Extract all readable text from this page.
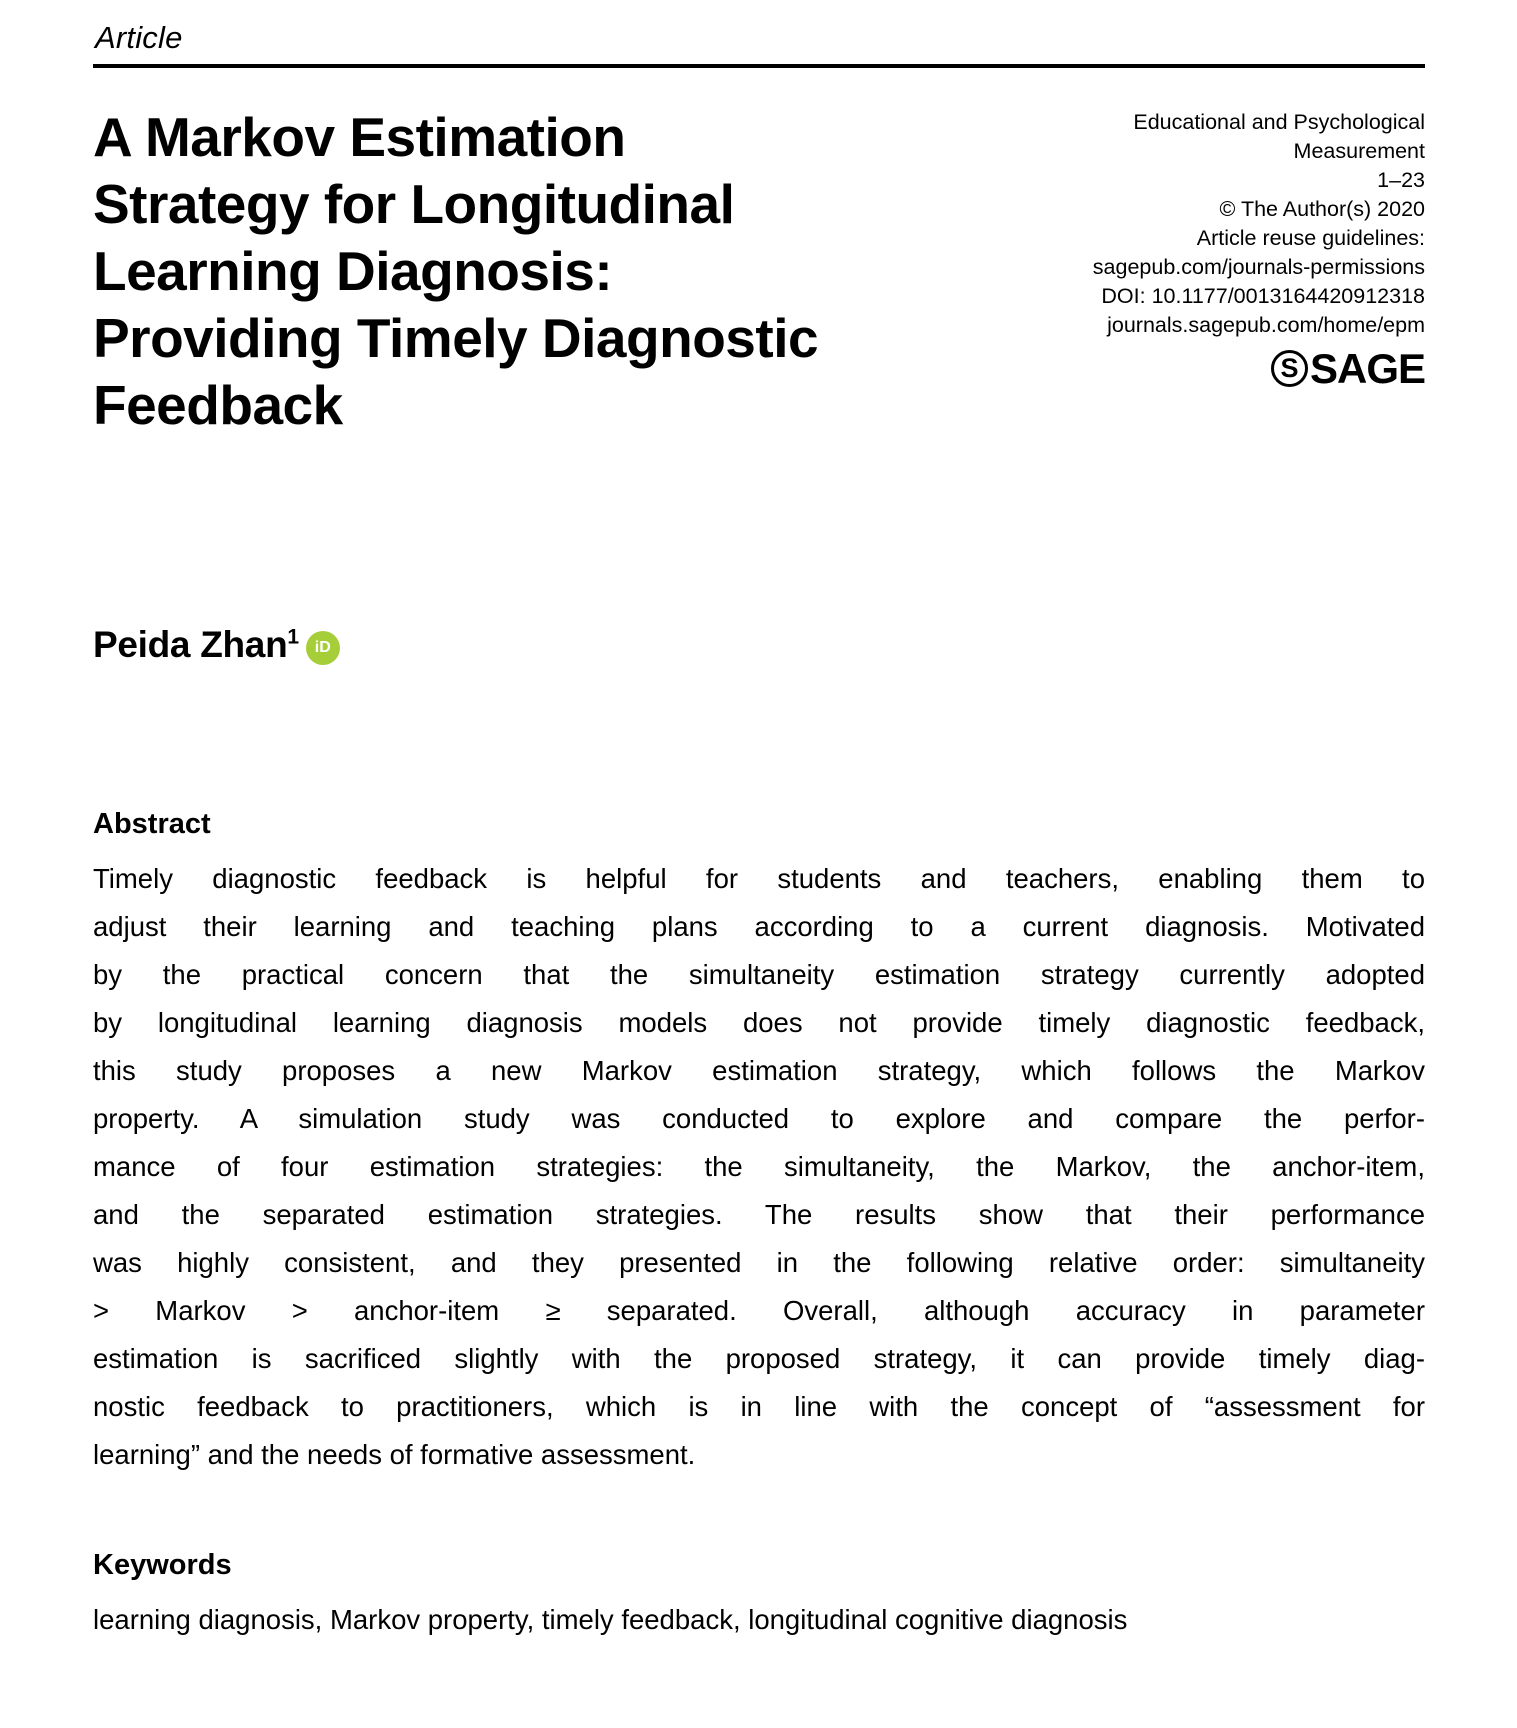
Article
A Markov Estimation
Strategy for Longitudinal
Learning Diagnosis:
Providing Timely Diagnostic
Feedback
Educational and Psychological
Measurement
1–23
© The Author(s) 2020
Article reuse guidelines:
sagepub.com/journals-permissions
DOI: 10.1177/0013164420912318
journals.sagepub.com/home/epm
S SAGE
Peida Zhan$^1$	iD
Abstract
Timely diagnostic feedback is helpful for students and teachers, enabling them to
adjust their learning and teaching plans according to a current diagnosis. Motivated
by the practical concern that the simultaneity estimation strategy currently adopted
by longitudinal learning diagnosis models does not provide timely diagnostic feedback,
this study proposes a new Markov estimation strategy, which follows the Markov
property. A simulation study was conducted to explore and compare the perfor-
mance of four estimation strategies: the simultaneity, the Markov, the anchor-item,
and the separated estimation strategies. The results show that their performance
was highly consistent, and they presented in the following relative order: simultaneity
> Markov > anchor-item ≥ separated. Overall, although accuracy in parameter
estimation is sacrificed slightly with the proposed strategy, it can provide timely diag-
nostic feedback to practitioners, which is in line with the concept of “assessment for
learning” and the needs of formative assessment.
Keywords
learning diagnosis, Markov property, timely feedback, longitudinal cognitive diagnosis
